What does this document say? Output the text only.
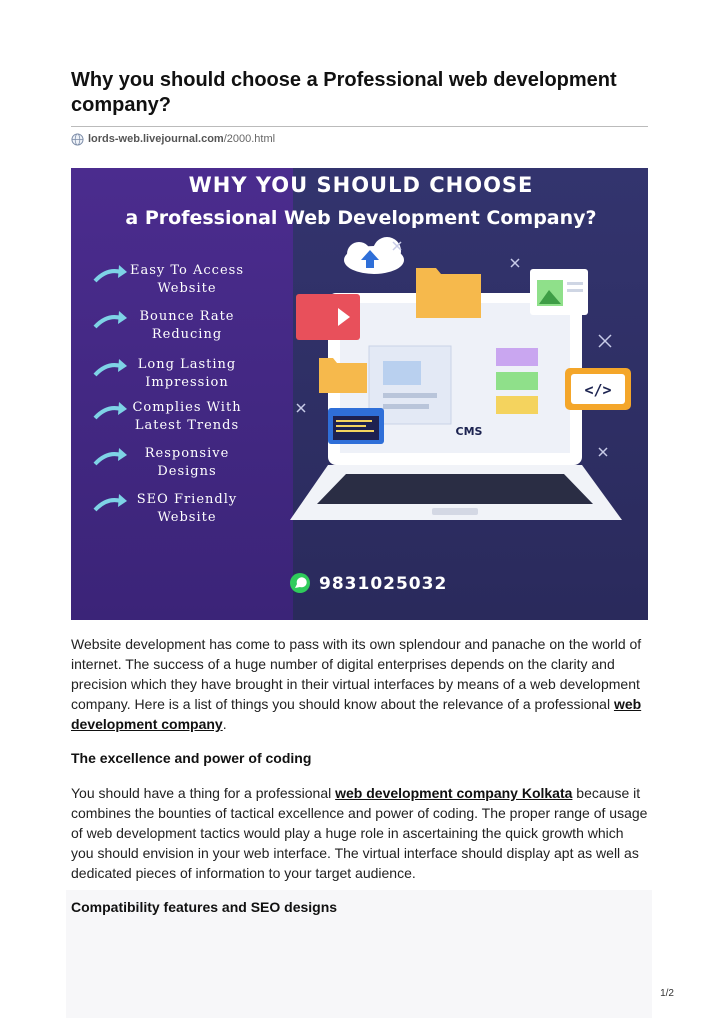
Why you should choose a Professional web development company?
lords-web.livejournal.com /2000.html
WHY YOU SHOULD CHOOSE
a Professional Web Development Company?
Easy To Access
Website
Bounce Rate
Reducing
Long Lasting
Impression
Complies With
Latest Trends
Responsive
Designs
SEO Friendly
Website
CMS
</>
9831025032

Website development has come to pass with its own splendour and panache on the world of internet. The success of a huge number of digital enterprises depends on the clarity and precision which they have brought in their virtual interfaces by means of a web development company. Here is a list of things you should know about the relevance of a professional web development company.

The excellence and power of coding

You should have a thing for a professional web development company Kolkata because it combines the bounties of tactical excellence and power of coding. The proper range of usage of web development tactics would play a huge role in ascertaining the quick growth which you should envision in your web interface. The virtual interface should display apt as well as dedicated pieces of information to your target audience.

Compatibility features and SEO designs

1/2
